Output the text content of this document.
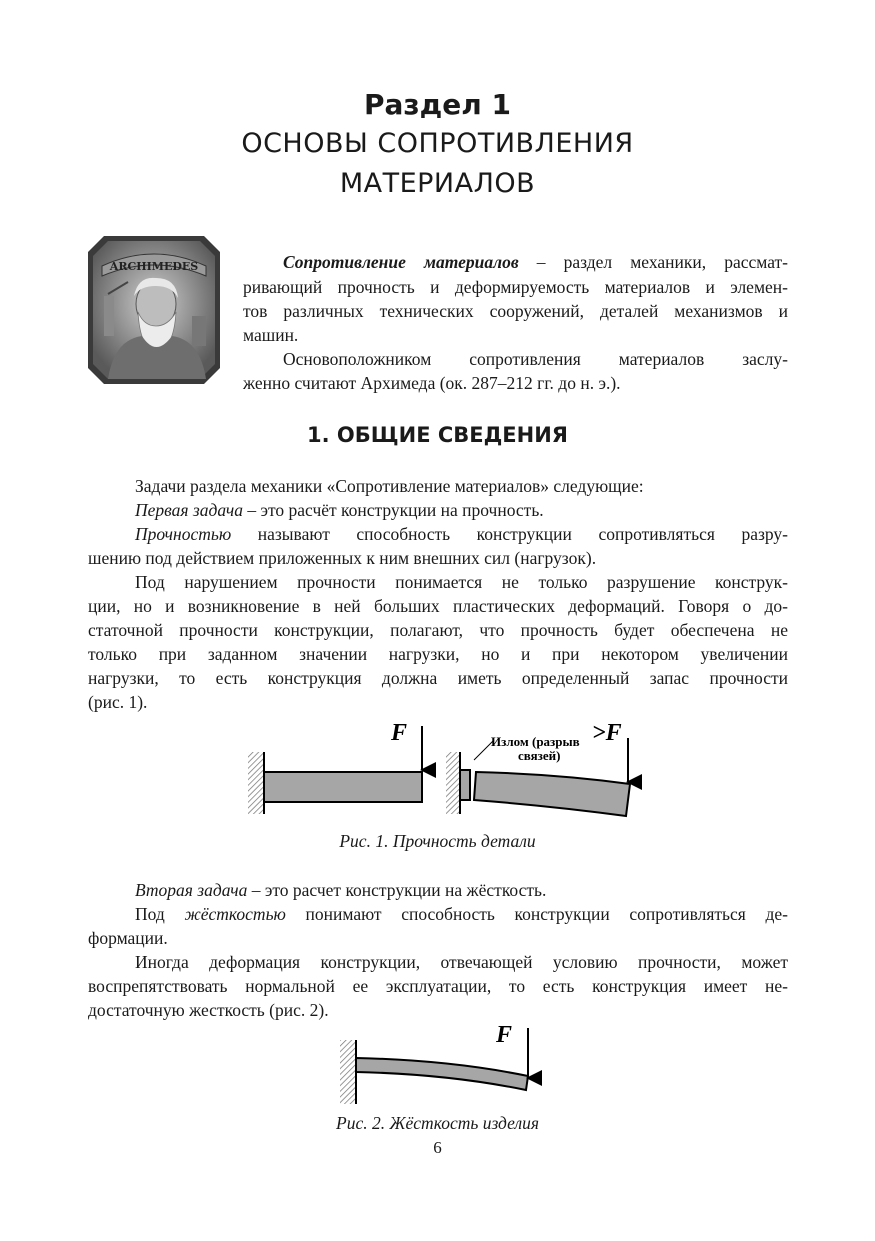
Раздел 1
ОСНОВЫ СОПРОТИВЛЕНИЯ
МАТЕРИАЛОВ
ARCHIMEDES	Сопротивление материалов – раздел механики, рассмат-
ривающий прочность и деформируемость материалов и элемен-
тов различных технических сооружений, деталей механизмов и
машин.
Основоположником сопротивления материалов заслу-
женно считают Архимеда (ок. 287–212 гг. до н. э.).
1. ОБЩИЕ СВЕДЕНИЯ
Задачи раздела механики «Сопротивление материалов» следующие:
Первая задача – это расчёт конструкции на прочность.
Прочностью называют способность конструкции сопротивляться разру-
шению под действием приложенных к ним внешних сил (нагрузок).
Под нарушением прочности понимается не только разрушение конструк-
ции, но и возникновение в ней больших пластических деформаций. Говоря о до-
статочной прочности конструкции, полагают, что прочность будет обеспечена не
только при заданном значении нагрузки, но и при некотором увеличении
нагрузки, то есть конструкция должна иметь определенный запас прочности
(рис. 1).
F	>F
Излом (разрыв
связей)
Рис. 1. Прочность детали
Вторая задача – это расчет конструкции на жёсткость.
Под жёсткостью понимают способность конструкции сопротивляться де-
формации.
Иногда деформация конструкции, отвечающей условию прочности, может
воспрепятствовать нормальной ее эксплуатации, то есть конструкция имеет не-
достаточную жесткость (рис. 2).
F
Рис. 2. Жёсткость изделия
6
